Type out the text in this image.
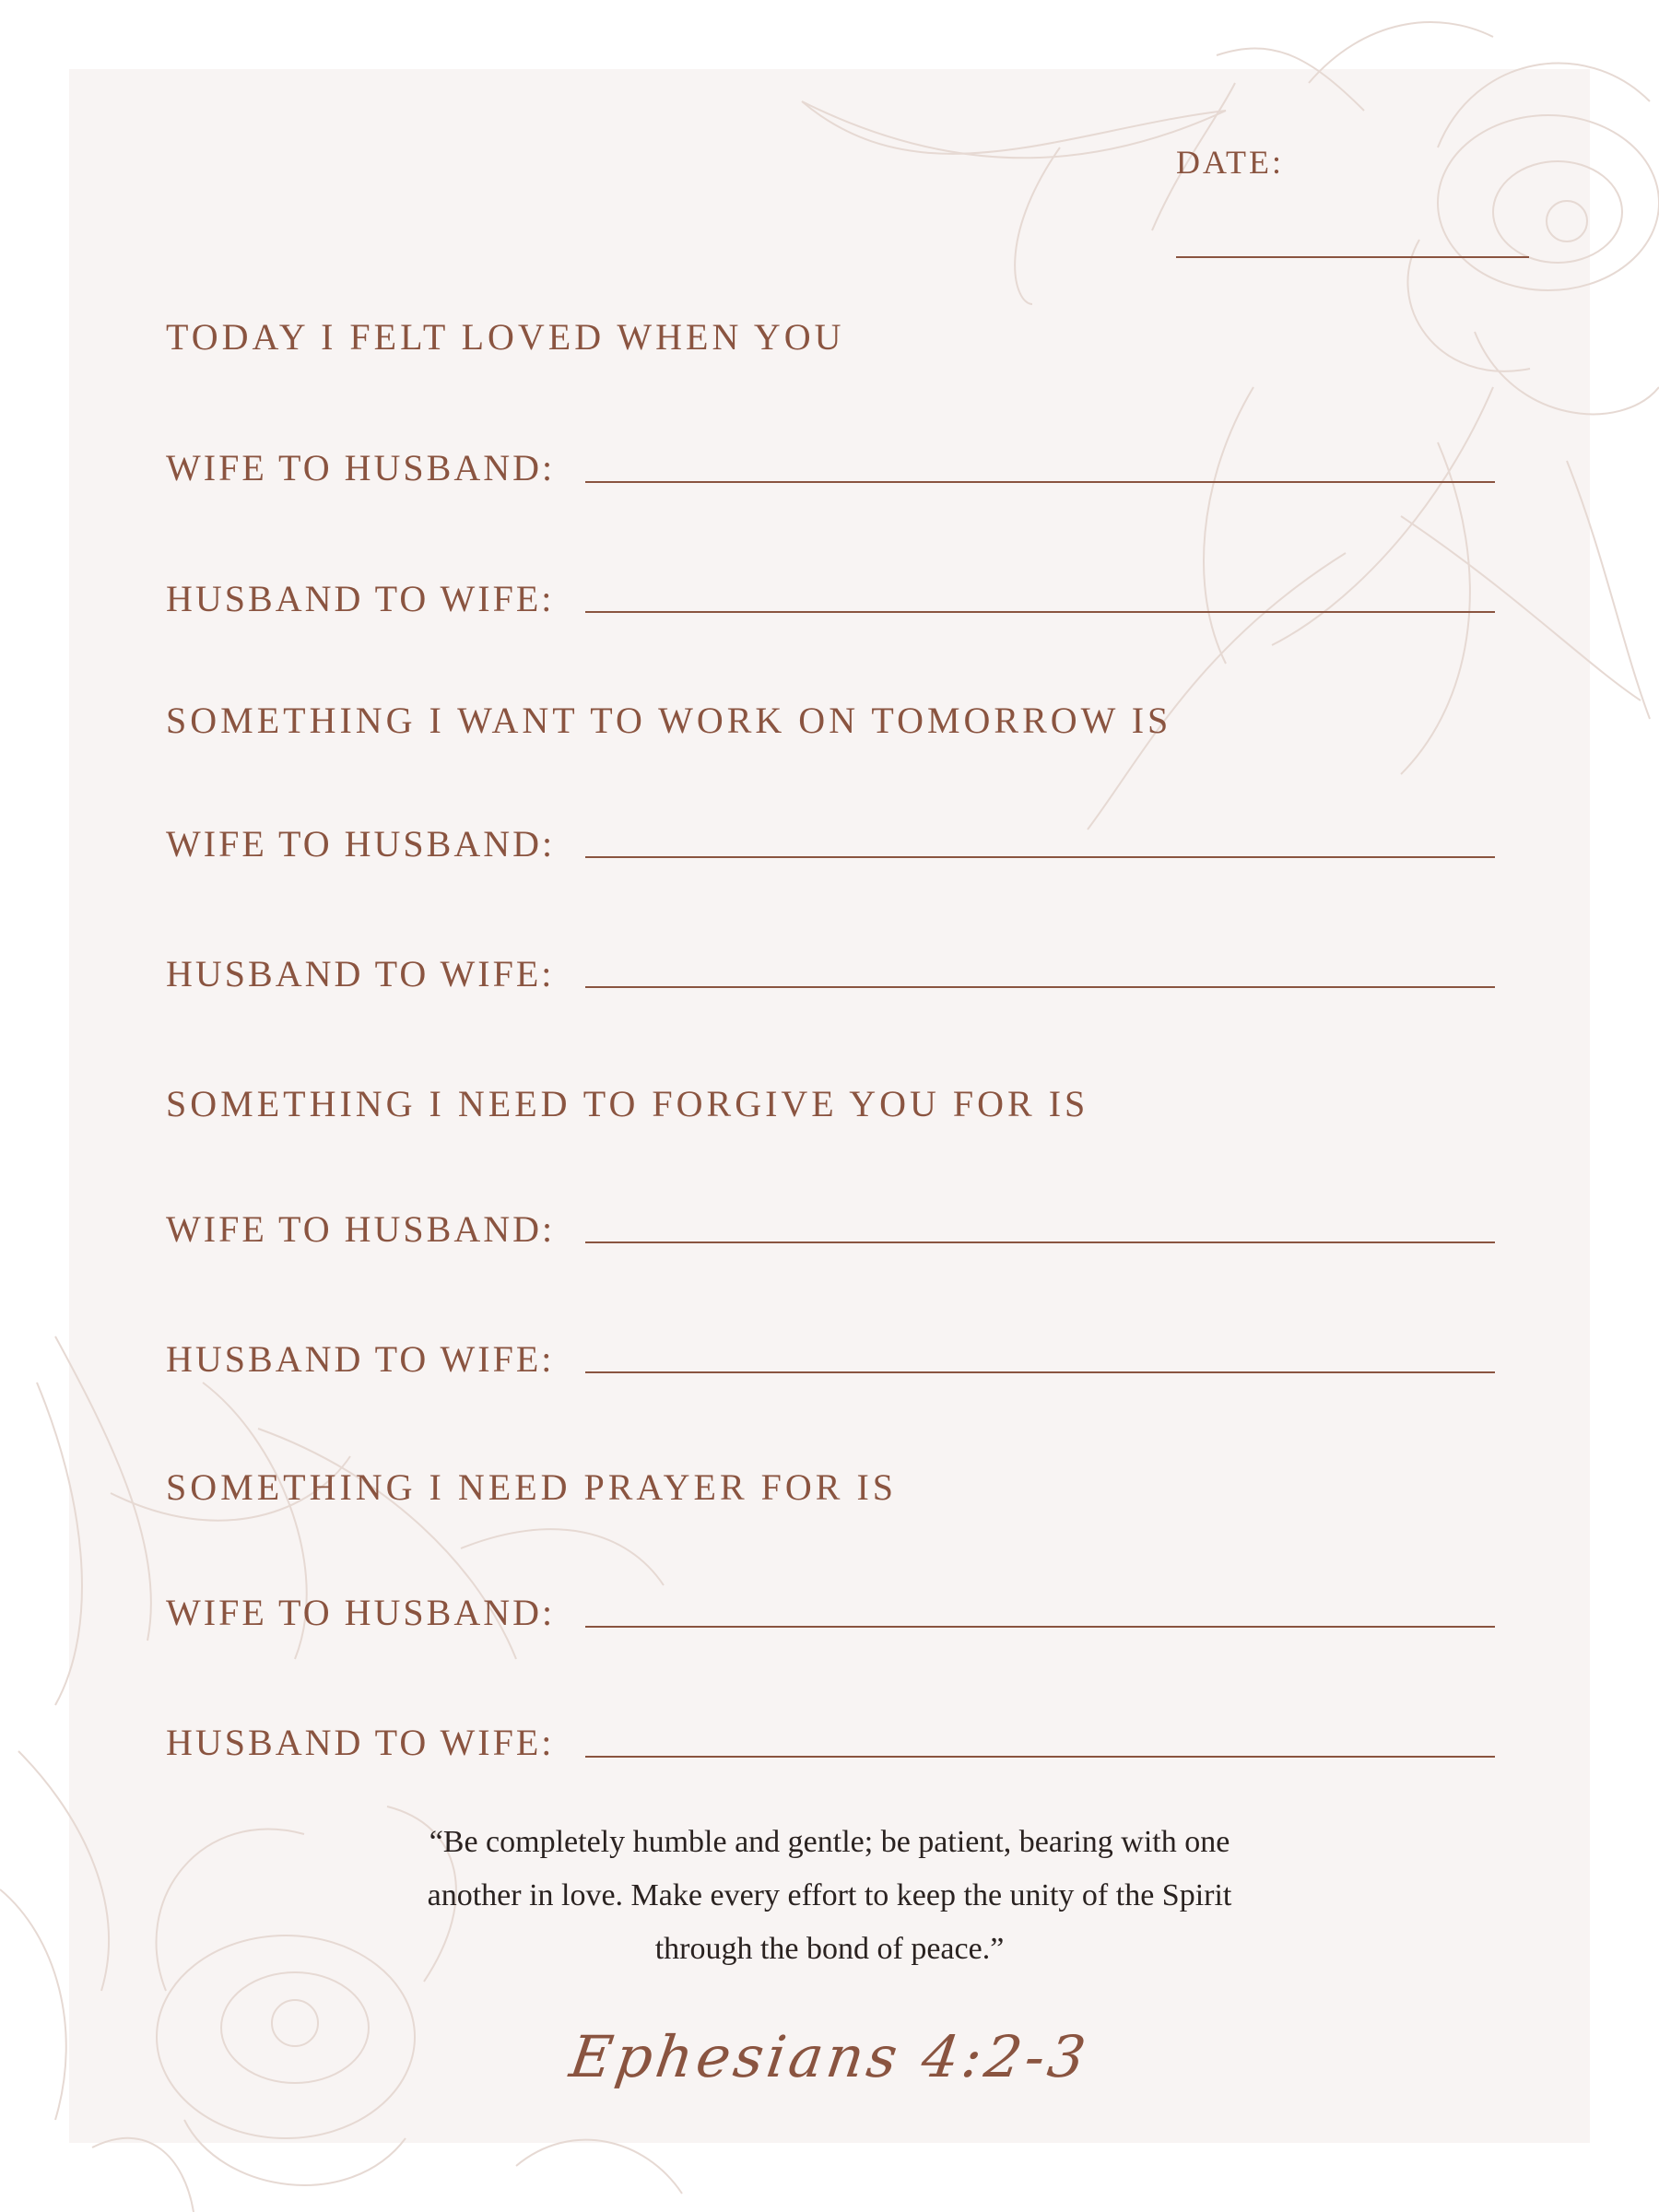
DATE:
TODAY I FELT LOVED WHEN YOU
WIFE TO HUSBAND:
HUSBAND TO WIFE:
SOMETHING I WANT TO WORK ON TOMORROW IS
WIFE TO HUSBAND:
HUSBAND TO WIFE:
SOMETHING I NEED TO FORGIVE YOU FOR IS
WIFE TO HUSBAND:
HUSBAND TO WIFE:
SOMETHING I NEED PRAYER FOR IS
WIFE TO HUSBAND:
HUSBAND TO WIFE:
“Be completely humble and gentle; be patient, bearing with one
another in love. Make every effort to keep the unity of the Spirit
through the bond of peace.”
Ephesians 4:2-3
